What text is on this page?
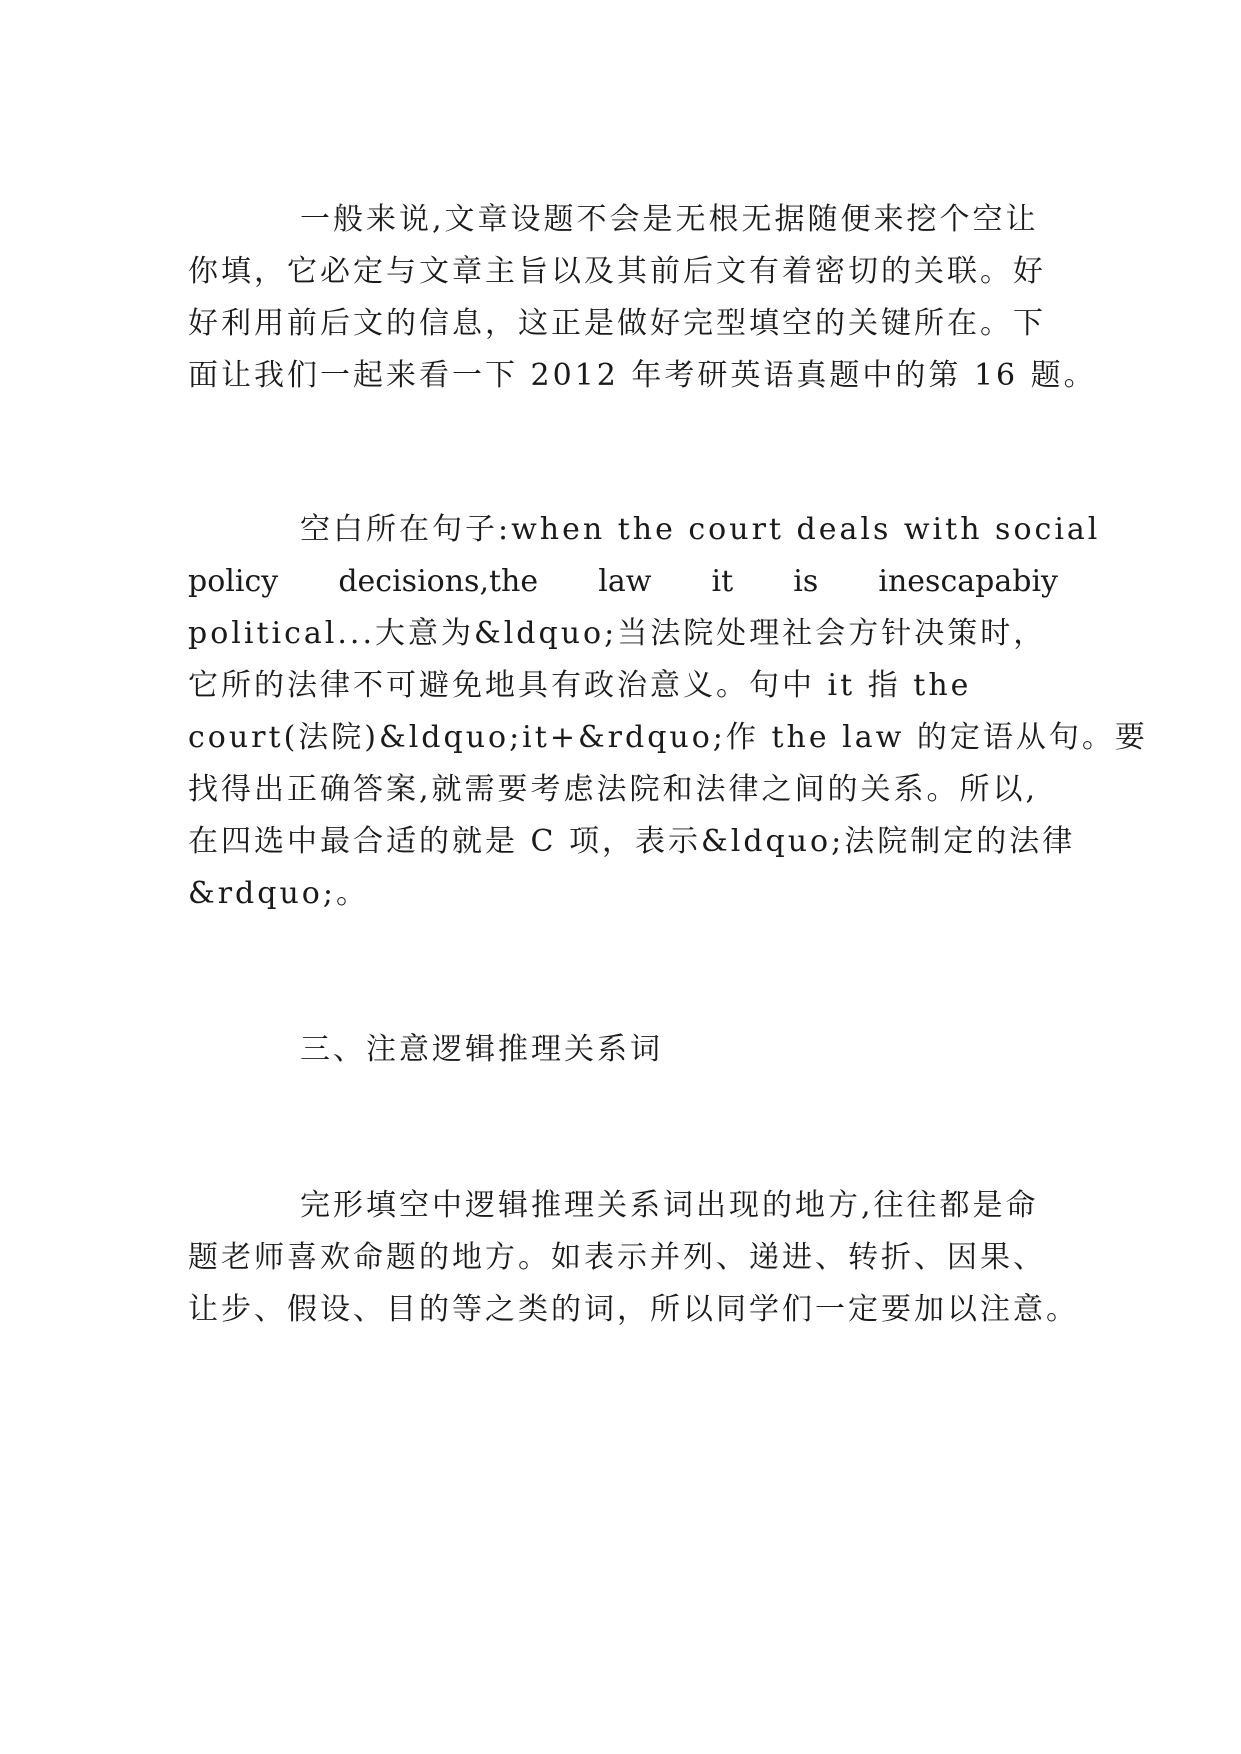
一般来说,文章设题不会是无根无据随便来挖个空让
你填，它必定与文章主旨以及其前后文有着密切的关联。好
好利用前后文的信息，这正是做好完型填空的关键所在。下
面让我们一起来看一下 2012 年考研英语真题中的第 16 题。
空白所在句子:when the court deals with social
policy decisions,the law it is inescapabiy
political...大意为&ldquo;当法院处理社会方针决策时，
它所的法律不可避免地具有政治意义。句中 it 指 the
court(法院)&ldquo;it+&rdquo;作 the law 的定语从句。要
找得出正确答案,就需要考虑法院和法律之间的关系。所以,
在四选中最合适的就是 C 项，表示&ldquo;法院制定的法律
&rdquo;。
三、注意逻辑推理关系词
完形填空中逻辑推理关系词出现的地方,往往都是命
题老师喜欢命题的地方。如表示并列、递进、转折、因果、
让步、假设、目的等之类的词，所以同学们一定要加以注意。
